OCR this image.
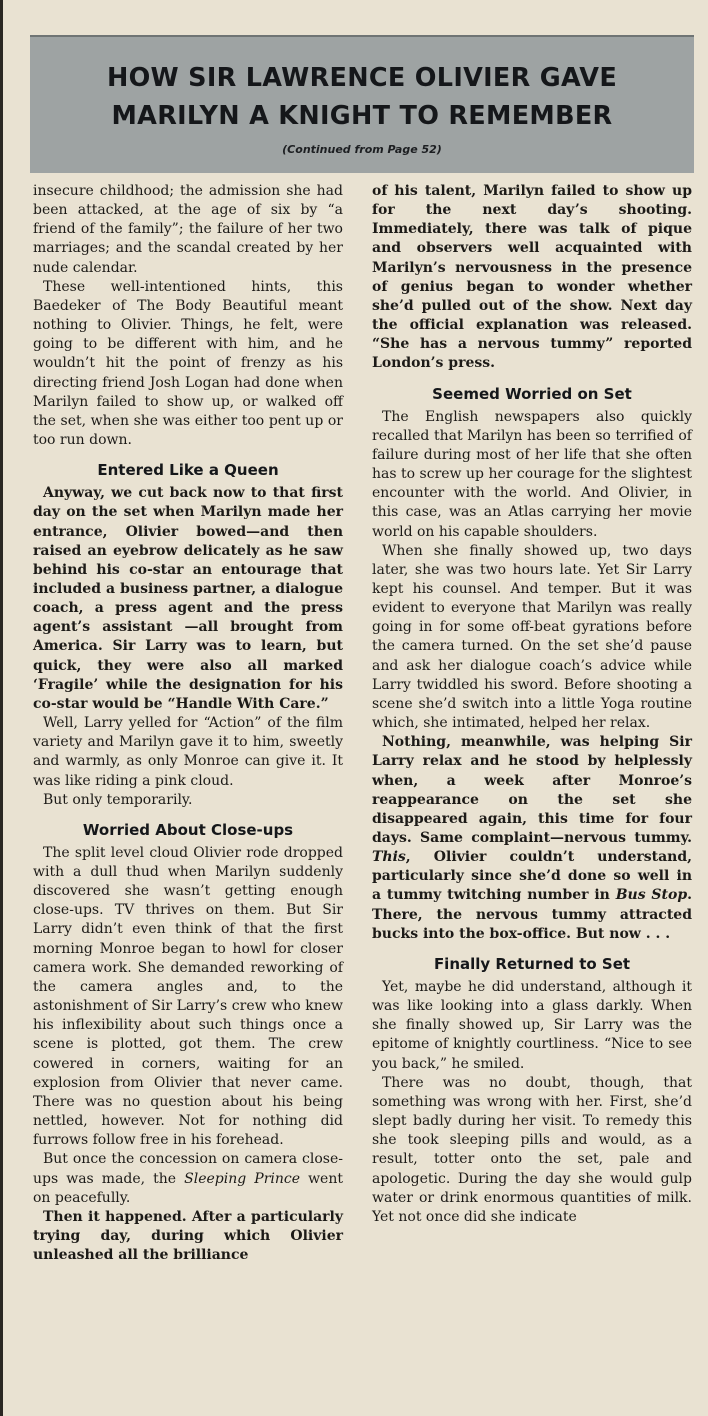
HOW SIR LAWRENCE OLIVIER GAVE
MARILYN A KNIGHT TO REMEMBER
(Continued from Page 52)

insecure childhood; the admission she had been attacked, at the age of six by “a friend of the family”; the failure of her two marriages; and the scandal created by her nude calendar.

These well-intentioned hints, this Baedeker of The Body Beautiful meant nothing to Olivier. Things, he felt, were going to be different with him, and he wouldn’t hit the point of frenzy as his directing friend Josh Logan had done when Marilyn failed to show up, or walked off the set, when she was either too pent up or too run down.

Entered Like a Queen

Anyway, we cut back now to that first day on the set when Marilyn made her entrance, Olivier bowed—and then raised an eyebrow delicately as he saw behind his co-star an entourage that included a business partner, a dialogue coach, a press agent and the press agent’s assistant —all brought from America. Sir Larry was to learn, but quick, they were also all marked ‘Fragile’ while the designation for his co-star would be “Handle With Care.”

Well, Larry yelled for “Action” of the film variety and Marilyn gave it to him, sweetly and warmly, as only Monroe can give it. It was like riding a pink cloud.

But only temporarily.

Worried About Close-ups

The split level cloud Olivier rode dropped with a dull thud when Marilyn suddenly discovered she wasn’t getting enough close-ups. TV thrives on them. But Sir Larry didn’t even think of that the first morning Monroe began to howl for closer camera work. She demanded reworking of the camera angles and, to the astonishment of Sir Larry’s crew who knew his inflexibility about such things once a scene is plotted, got them. The crew cowered in corners, waiting for an explosion from Olivier that never came. There was no question about his being nettled, however. Not for nothing did furrows follow free in his forehead.

But once the concession on camera close-ups was made, the Sleeping Prince went on peacefully.

Then it happened. After a particularly trying day, during which Olivier unleashed all the brilliance

of his talent, Marilyn failed to show up for the next day’s shooting. Immediately, there was talk of pique and observers well acquainted with Marilyn’s nervousness in the presence of genius began to wonder whether she’d pulled out of the show. Next day the official explanation was released. “She has a nervous tummy” reported London’s press.

Seemed Worried on Set

The English newspapers also quickly recalled that Marilyn has been so terrified of failure during most of her life that she often has to screw up her courage for the slightest encounter with the world. And Olivier, in this case, was an Atlas carrying her movie world on his capable shoulders.

When she finally showed up, two days later, she was two hours late. Yet Sir Larry kept his counsel. And temper. But it was evident to everyone that Marilyn was really going in for some off-beat gyrations before the camera turned. On the set she’d pause and ask her dialogue coach’s advice while Larry twiddled his sword. Before shooting a scene she’d switch into a little Yoga routine which, she intimated, helped her relax.

Nothing, meanwhile, was helping Sir Larry relax and he stood by helplessly when, a week after Monroe’s reappearance on the set she disappeared again, this time for four days. Same complaint—nervous tummy. This, Olivier couldn’t understand, particularly since she’d done so well in a tummy twitching number in Bus Stop. There, the nervous tummy attracted bucks into the box-office. But now . . .

Finally Returned to Set

Yet, maybe he did understand, although it was like looking into a glass darkly. When she finally showed up, Sir Larry was the epitome of knightly courtliness. “Nice to see you back,” he smiled.

There was no doubt, though, that something was wrong with her. First, she’d slept badly during her visit. To remedy this she took sleeping pills and would, as a result, totter onto the set, pale and apologetic. During the day she would gulp water or drink enormous quantities of milk. Yet not once did she indicate
